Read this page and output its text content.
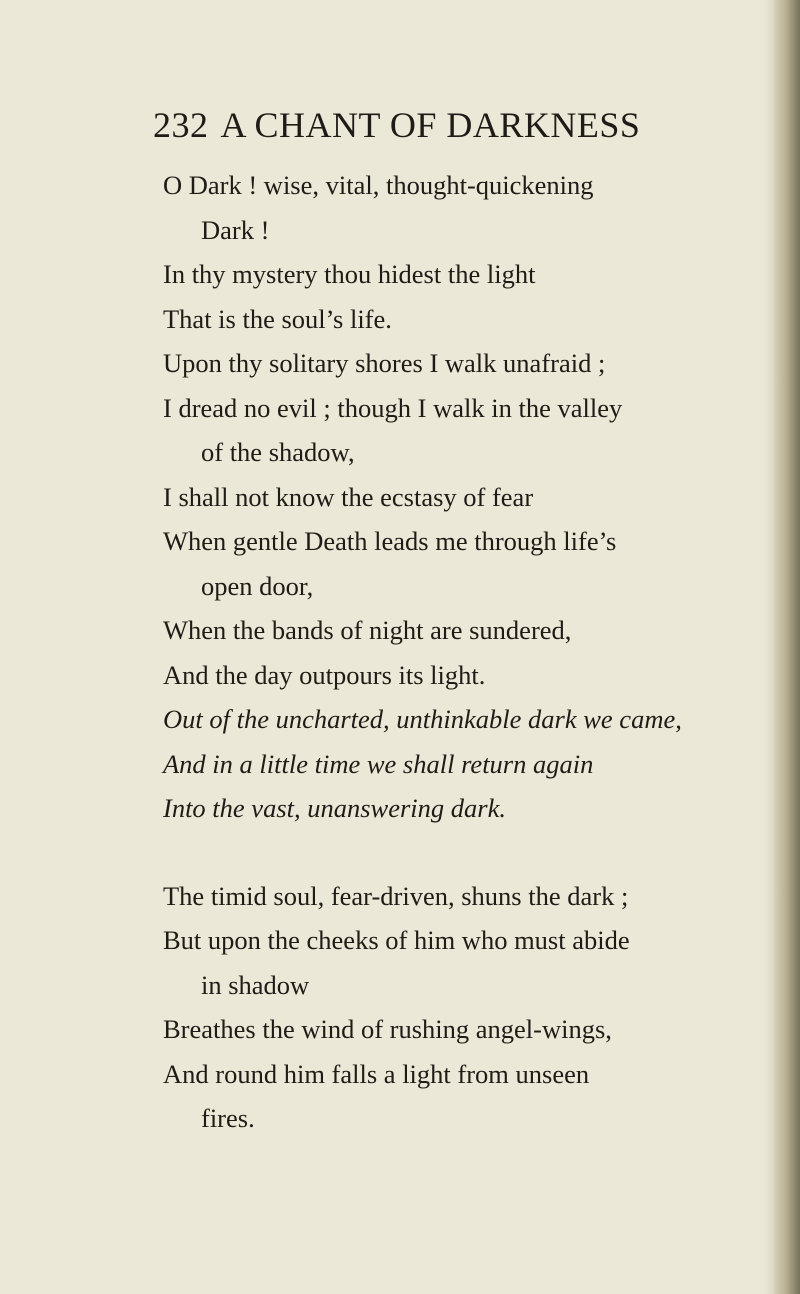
232 A CHANT OF DARKNESS
O Dark ! wise, vital, thought-quickening
Dark !
In thy mystery thou hidest the light
That is the soul’s life.
Upon thy solitary shores I walk unafraid ;
I dread no evil ; though I walk in the valley
of the shadow,
I shall not know the ecstasy of fear
When gentle Death leads me through life’s
open door,
When the bands of night are sundered,
And the day outpours its light.
Out of the uncharted, unthinkable dark we came,
And in a little time we shall return again
Into the vast, unanswering dark.
The timid soul, fear-driven, shuns the dark ;
But upon the cheeks of him who must abide
in shadow
Breathes the wind of rushing angel-wings,
And round him falls a light from unseen
fires.
